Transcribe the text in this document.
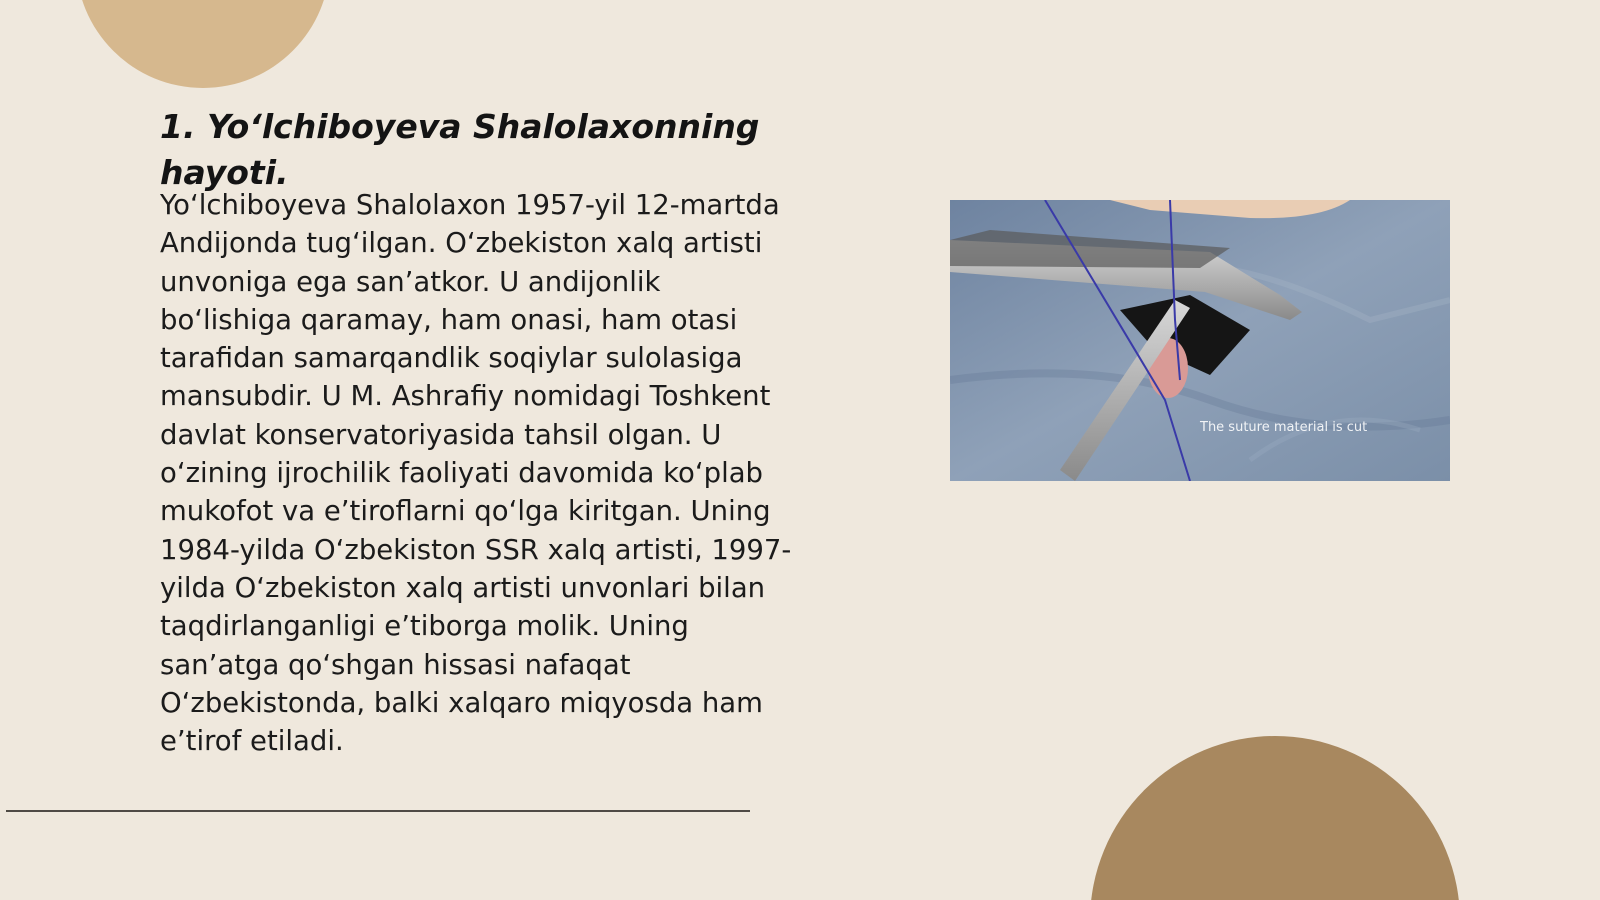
1. Yo‘lchiboyeva Shalolaxonning hayoti.

Yo‘lchiboyeva Shalolaxon 1957-yil 12-martda
Andijonda tug‘ilgan. O‘zbekiston xalq artisti
unvoniga ega san’atkor. U andijonlik
bo‘lishiga qaramay, ham onasi, ham otasi
tarafidan samarqandlik soqiylar sulolasiga
mansubdir. U M. Ashrafiy nomidagi Toshkent
davlat konservatoriyasida tahsil olgan. U
o‘zining ijrochilik faoliyati davomida ko‘plab
mukofot va e’tiroflarni qo‘lga kiritgan. Uning
1984-yilda O‘zbekiston SSR xalq artisti, 1997-
yilda O‘zbekiston xalq artisti unvonlari bilan
taqdirlanganligi e’tiborga molik. Uning
san’atga qo‘shgan hissasi nafaqat
O‘zbekistonda, balki xalqaro miqyosda ham
e’tirof etiladi.

The suture material is cut
